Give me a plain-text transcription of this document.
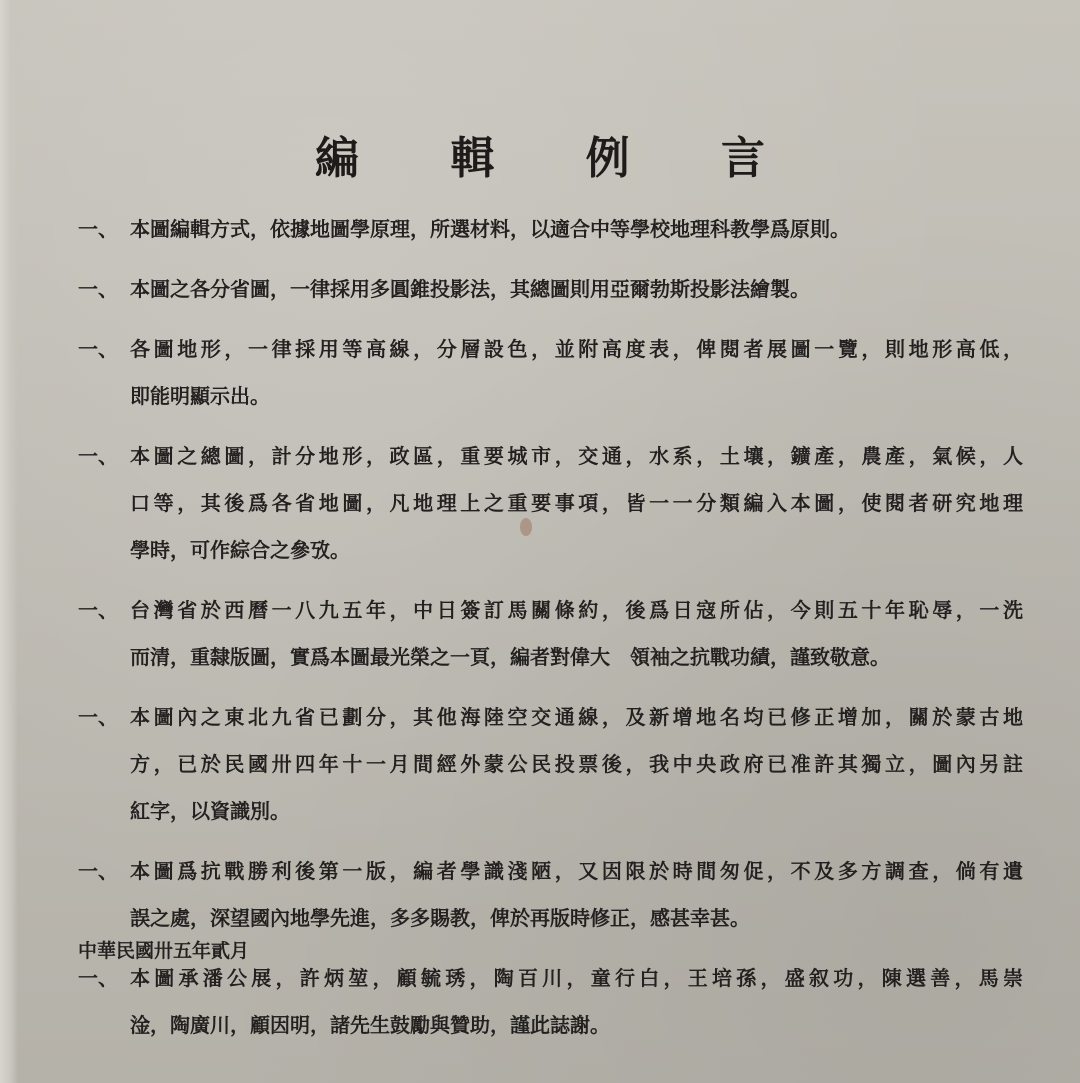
編 輯 例 言
一、 本圖編輯方式，依據地圖學原理，所選材料，以適合中等學校地理科教學爲原則。
一、 本圖之各分省圖，一律採用多圓錐投影法，其總圖則用亞爾勃斯投影法繪製。
一、 各圖地形，一律採用等高線，分層設色，並附高度表，俾閱者展圖一覽，則地形高低，
即能明顯示出。
一、 本圖之總圖，計分地形，政區，重要城市，交通，水系，土壤，鑛產，農產，氣候，人
口等，其後爲各省地圖，凡地理上之重要事項，皆一一分類編入本圖，使閱者研究地理
學時，可作綜合之參攷。
一、 台灣省於西曆一八九五年，中日簽訂馬關條約，後爲日寇所佔，今則五十年恥辱，一洗
而清，重隸版圖，實爲本圖最光榮之一頁，編者對偉大　領袖之抗戰功績，謹致敬意。
一、 本圖內之東北九省已劃分，其他海陸空交通線，及新增地名均已修正增加，關於蒙古地
方，已於民國卅四年十一月間經外蒙公民投票後，我中央政府已准許其獨立，圖內另註
紅字，以資識別。
一、 本圖爲抗戰勝利後第一版，編者學識淺陋，又因限於時間匆促，不及多方調查，倘有遺
誤之處，深望國內地學先進，多多賜教，俾於再版時修正，感甚幸甚。
一、 本圖承潘公展，許炳堃，顧毓琇，陶百川，童行白，王培孫，盛叙功，陳選善，馬崇
淦，陶廣川，顧因明，諸先生鼓勵與贊助，謹此誌謝。
中華民國卅五年貳月
